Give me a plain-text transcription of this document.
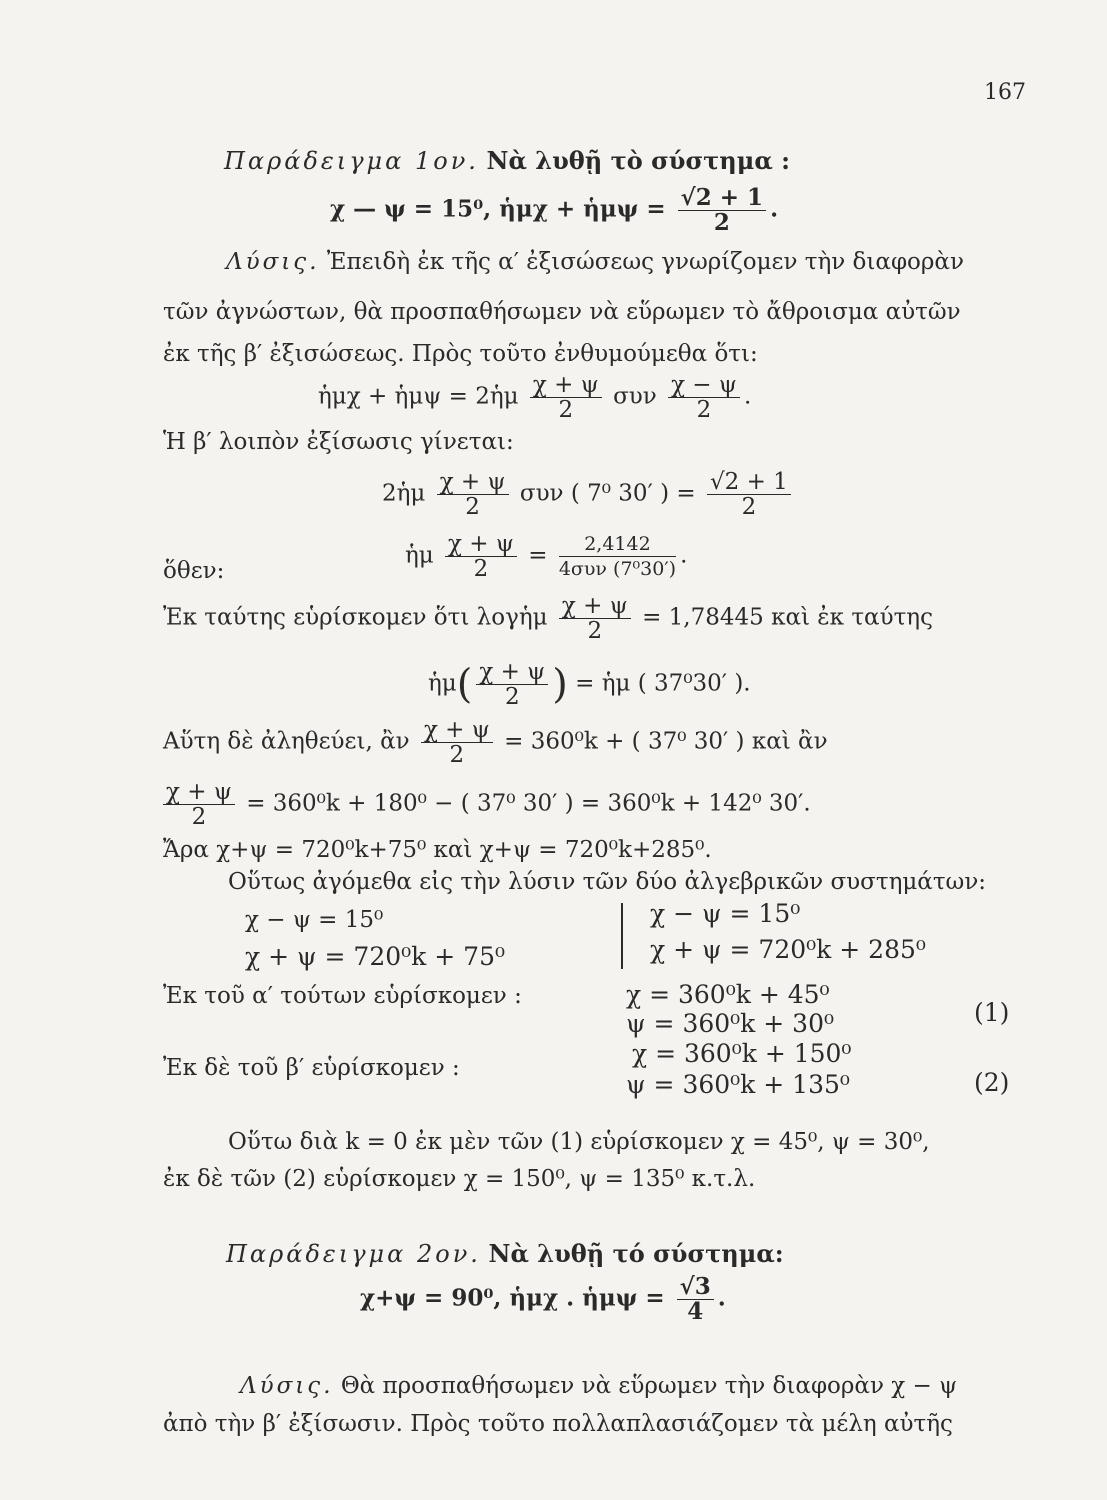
167
Παράδειγμα 1ον. Νὰ λυθῇ τὸ σύστημα :
χ — ψ = 15⁰, ἡμχ + ἡμψ = $\frac{√2 + 1}{2}$ .
Λύσις. Ἐπειδὴ ἐκ τῆς α′ ἐξισώσεως γνωρίζομεν τὴν διαφορὰν
τῶν ἀγνώστων, θὰ προσπαθήσωμεν νὰ εὕρωμεν τὸ ἄθροισμα αὐτῶν
ἐκ τῆς β′ ἐξισώσεως. Πρὸς τοῦτο ἐνθυμούμεθα ὅτι:
ἡμχ + ἡμψ = 2ἡμ $\frac{\chi + \psi}{2}$ συν $\frac{\chi - \psi}{2}$ .
Ἡ β′ λοιπὸν ἐξίσωσις γίνεται:
2ἡμ $\frac{\chi + \psi}{2}$ συν ( 7⁰ 30′ ) = $\frac{√2 + 1}{2}$
ὅθεν:
ἡμ $\frac{\chi + \psi}{2} = \frac{2,4142}{\text{4συν (7⁰30′)}}$ .
Ἐκ ταύτης εὑρίσκομεν ὅτι λογἡμ $\frac{\chi + \psi}{2} = 1,78445$ καὶ ἐκ ταύτης
ἡμ( $\frac{\chi + \psi}{2}$ ) = ἡμ ( 37⁰30′ ).
Αὕτη δὲ ἀληθεύει, ἂν $\frac{\chi + \psi}{2} = 360^0k$ + ( 37⁰ 30′ ) καὶ ἂν
$\frac{\chi + \psi}{2} = 360^0k + 180^0$ − ( 37⁰ 30′ ) = 360⁰k + 142⁰ 30′.
Ἄρα χ+ψ = 720⁰k+75⁰ καὶ χ+ψ = 720⁰k+285⁰.
Οὕτως ἀγόμεθα εἰς τὴν λύσιν τῶν δύο ἀλγεβρικῶν συστημάτων:
χ − ψ = 15⁰
χ + ψ = 720⁰k + 75⁰
χ − ψ = 15⁰
χ + ψ = 720⁰k + 285⁰
Ἐκ τοῦ α′ τούτων εὑρίσκομεν :	χ = 360⁰k + 45⁰
ψ = 360⁰k + 30⁰	(1)
Ἐκ δὲ τοῦ β′ εὑρίσκομεν :	χ = 360⁰k + 150⁰
ψ = 360⁰k + 135⁰	(2)
Οὕτω διὰ k = 0 ἐκ μὲν τῶν (1) εὑρίσκομεν χ = 45⁰, ψ = 30⁰,
ἐκ δὲ τῶν (2) εὑρίσκομεν χ = 150⁰, ψ = 135⁰ κ.τ.λ.
Παράδειγμα 2ον. Νὰ λυθῇ τό σύστημα:
χ+ψ = 90⁰, ἡμχ . ἡμψ = $\frac{√3}{4}$ .
Λύσις. Θὰ προσπαθήσωμεν νὰ εὕρωμεν τὴν διαφορὰν χ − ψ
ἀπὸ τὴν β′ ἐξίσωσιν. Πρὸς τοῦτο πολλαπλασιάζομεν τὰ μέλη αὐτῆς
